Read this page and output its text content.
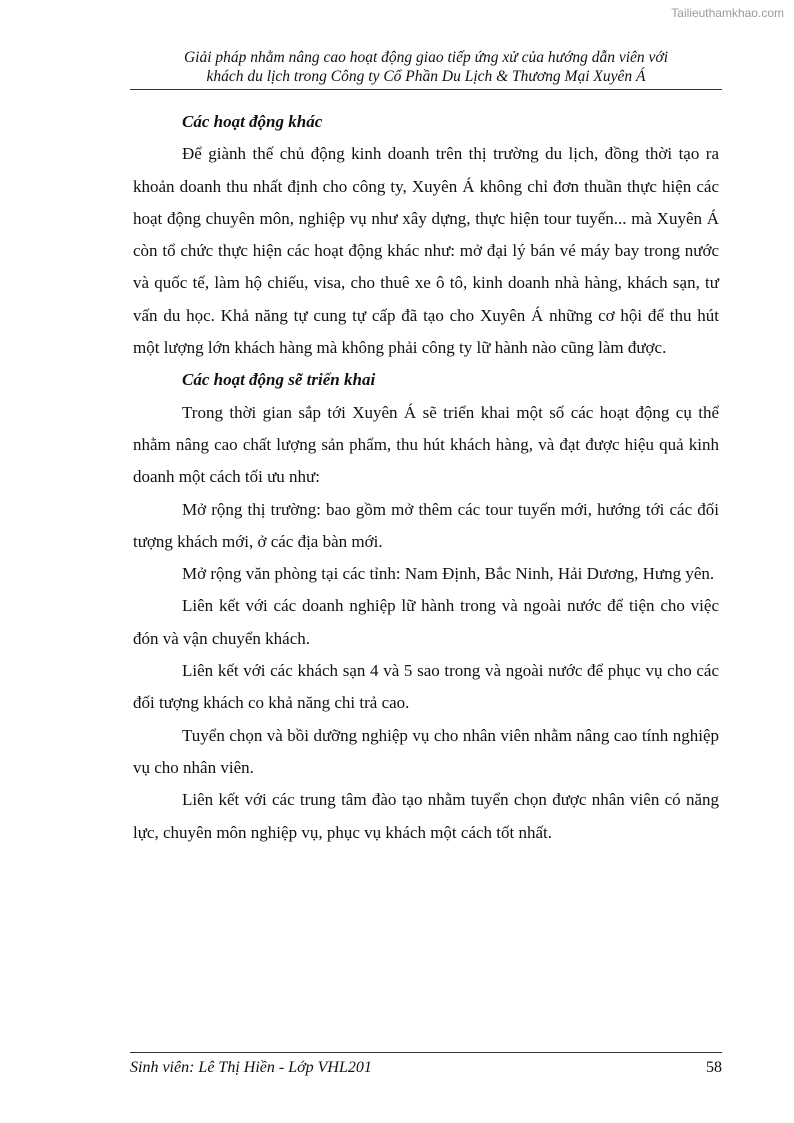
Tailieuthamkhao.com
Giải pháp nhằm nâng cao hoạt động giao tiếp ứng xử của hướng dẫn viên với
khách du lịch trong Công ty Cổ Phần Du Lịch & Thương Mại Xuyên Á
Các hoạt động khác

Để giành thế chủ động kinh doanh trên thị trường du lịch, đồng thời tạo ra khoản doanh thu nhất định cho công ty, Xuyên Á không chỉ đơn thuần thực hiện các hoạt động chuyên môn, nghiệp vụ như xây dựng, thực hiện tour tuyến... mà Xuyên Á còn tổ chức thực hiện các hoạt động khác như: mở đại lý bán vé máy bay trong nước và quốc tế, làm hộ chiếu, visa, cho thuê xe ô tô, kinh doanh nhà hàng, khách sạn, tư vấn du học. Khả năng tự cung tự cấp đã tạo cho Xuyên Á những cơ hội để thu hút một lượng lớn khách hàng mà không phải công ty lữ hành nào cũng làm được.

Các hoạt động sẽ triển khai

Trong thời gian sắp tới Xuyên Á sẽ triển khai một số các hoạt động cụ thể nhằm nâng cao chất lượng sản phẩm, thu hút khách hàng, và đạt được hiệu quả kinh doanh một cách tối ưu như:

Mở rộng thị trường: bao gồm mở thêm các tour tuyến mới, hướng tới các đối tượng khách mới, ở các địa bàn mới.

Mở rộng văn phòng tại các tỉnh: Nam Định, Bắc Ninh, Hải Dương, Hưng yên.

Liên kết với các doanh nghiệp lữ hành trong và ngoài nước để tiện cho việc đón và vận chuyển khách.

Liên kết với các khách sạn 4 và 5 sao trong và ngoài nước để phục vụ cho các đối tượng khách co khả năng chi trả cao.

Tuyển chọn và bồi dưỡng nghiệp vụ cho nhân viên nhằm nâng cao tính nghiệp vụ cho nhân viên.

Liên kết với các trung tâm đào tạo nhằm tuyển chọn được nhân viên có năng lực, chuyên môn nghiệp vụ, phục vụ khách một cách tốt nhất.

Sinh viên: Lê Thị Hiền - Lớp VHL201	58
